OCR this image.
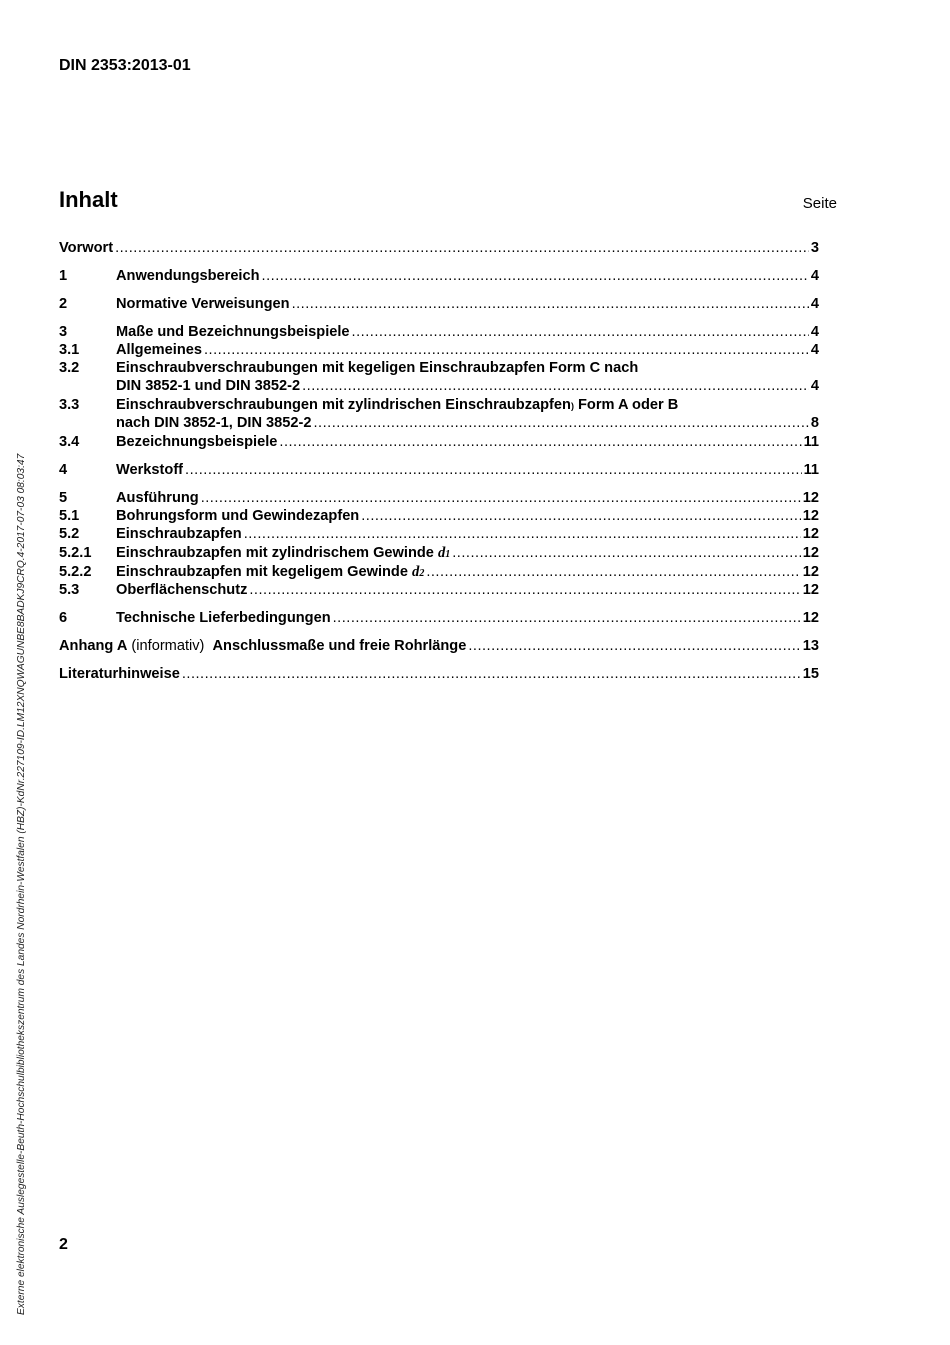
DIN 2353:2013-01
Inhalt	Seite
Vorwort .....	3
1	Anwendungsbereich .....	4
2	Normative Verweisungen .....	4
3	Maße und Bezeichnungsbeispiele .....	4
3.1	Allgemeines .....	4
3.2	Einschraubverschraubungen mit kegeligen Einschraubzapfen Form C nach
DIN 3852-1 und DIN 3852-2 .....	4
3.3	Einschraubverschraubungen mit zylindrischen Einschraubzapfen ) Form A oder B
nach DIN 3852-1, DIN 3852-2 .....	8
3.4	Bezeichnungsbeispiele .....	11
4	Werkstoff .....	11
5	Ausführung .....	12
5.1	Bohrungsform und Gewindezapfen .....	12
5.2	Einschraubzapfen .....	12
5.2.1	Einschraubzapfen mit zylindrischem Gewinde d 1 .....	12
5.2.2	Einschraubzapfen mit kegeligem Gewinde d 2 .....	12
5.3	Oberflächenschutz .....	12
6	Technische Lieferbedingungen .....	12
Anhang A (informativ) Anschlussmaße und freie Rohrlänge .....	13
Literaturhinweise .....	15
2
Externe elektronische Auslegestelle-Beuth-Hochschulbibliothekszentrum des Landes Nordrhein-Westfalen (HBZ)-KdNr.227109-ID.LM12XNQWAGUNBE8BADKJ9CRQ.4-2017-07-03 08:03:47
